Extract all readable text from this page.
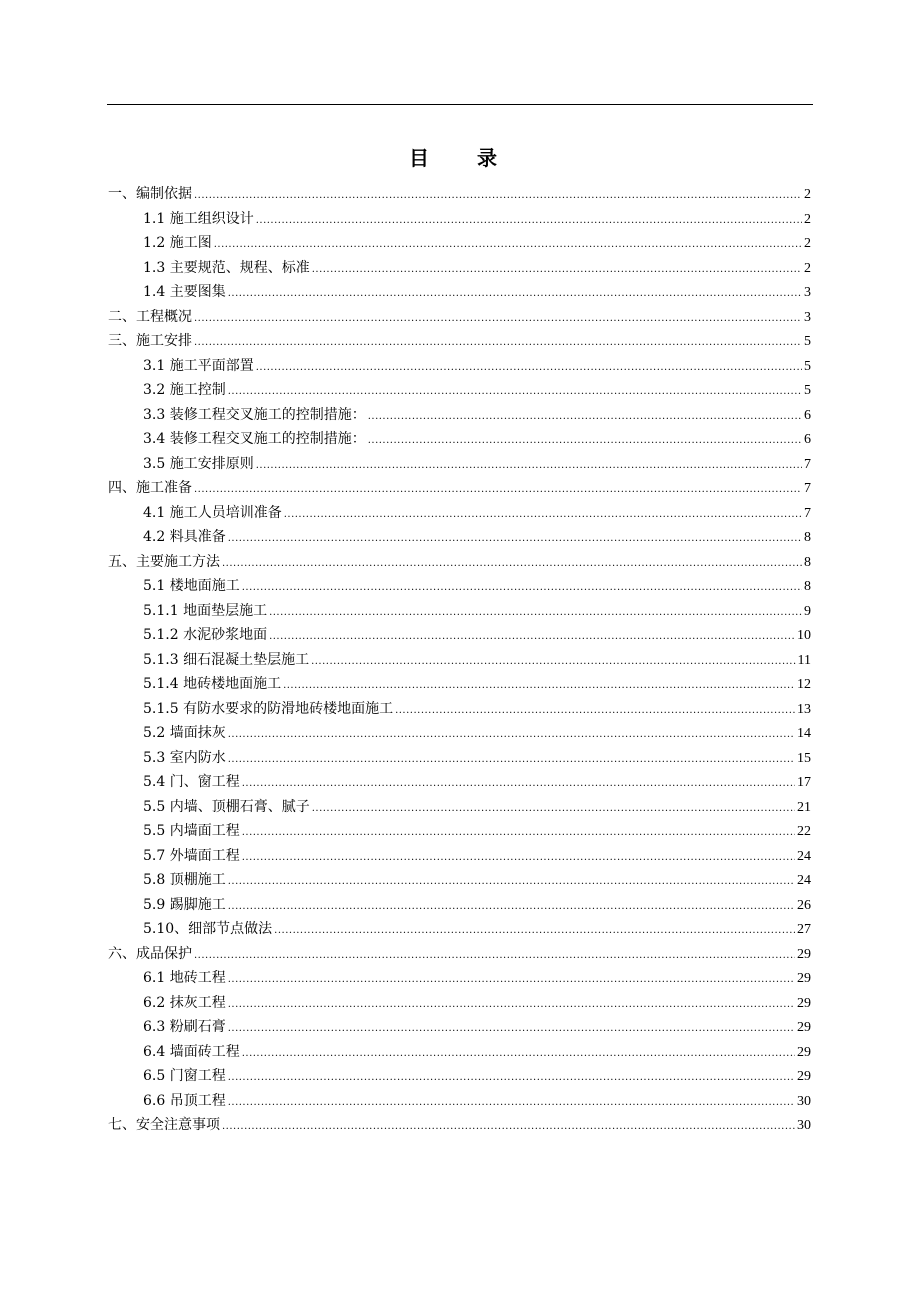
目　录
一、编制依据 .....	2
1.1 施工组织设计 .....	2
1.2 施工图 .....	2
1.3 主要规范、规程、标准 .....	2
1.4 主要图集 .....	3
二、工程概况 .....	3
三、施工安排 .....	5
3.1 施工平面部置 .....	5
3.2 施工控制 .....	5
3.3 装修工程交叉施工的控制措施： .....	6
3.4 装修工程交叉施工的控制措施： .....	6
3.5 施工安排原则 .....	7
四、施工准备 .....	7
4.1 施工人员培训准备 .....	7
4.2 料具准备 .....	8
五、主要施工方法 .....	8
5.1 楼地面施工 .....	8
5.1.1 地面垫层施工 .....	9
5.1.2 水泥砂浆地面 .....	10
5.1.3 细石混凝土垫层施工 .....	11
5.1.4 地砖楼地面施工 .....	12
5.1.5 有防水要求的防滑地砖楼地面施工 .....	13
5.2 墙面抹灰 .....	14
5.3 室内防水 .....	15
5.4 门、窗工程 .....	17
5.5 内墙、顶棚石膏、腻子 .....	21
5.5 内墙面工程 .....	22
5.7 外墙面工程 .....	24
5.8 顶棚施工 .....	24
5.9 踢脚施工 .....	26
5.10、细部节点做法 .....	27
六、成品保护 .....	29
6.1 地砖工程 .....	29
6.2 抹灰工程 .....	29
6.3 粉刷石膏 .....	29
6.4 墙面砖工程 .....	29
6.5 门窗工程 .....	29
6.6 吊顶工程 .....	30
七、安全注意事项 .....	30
